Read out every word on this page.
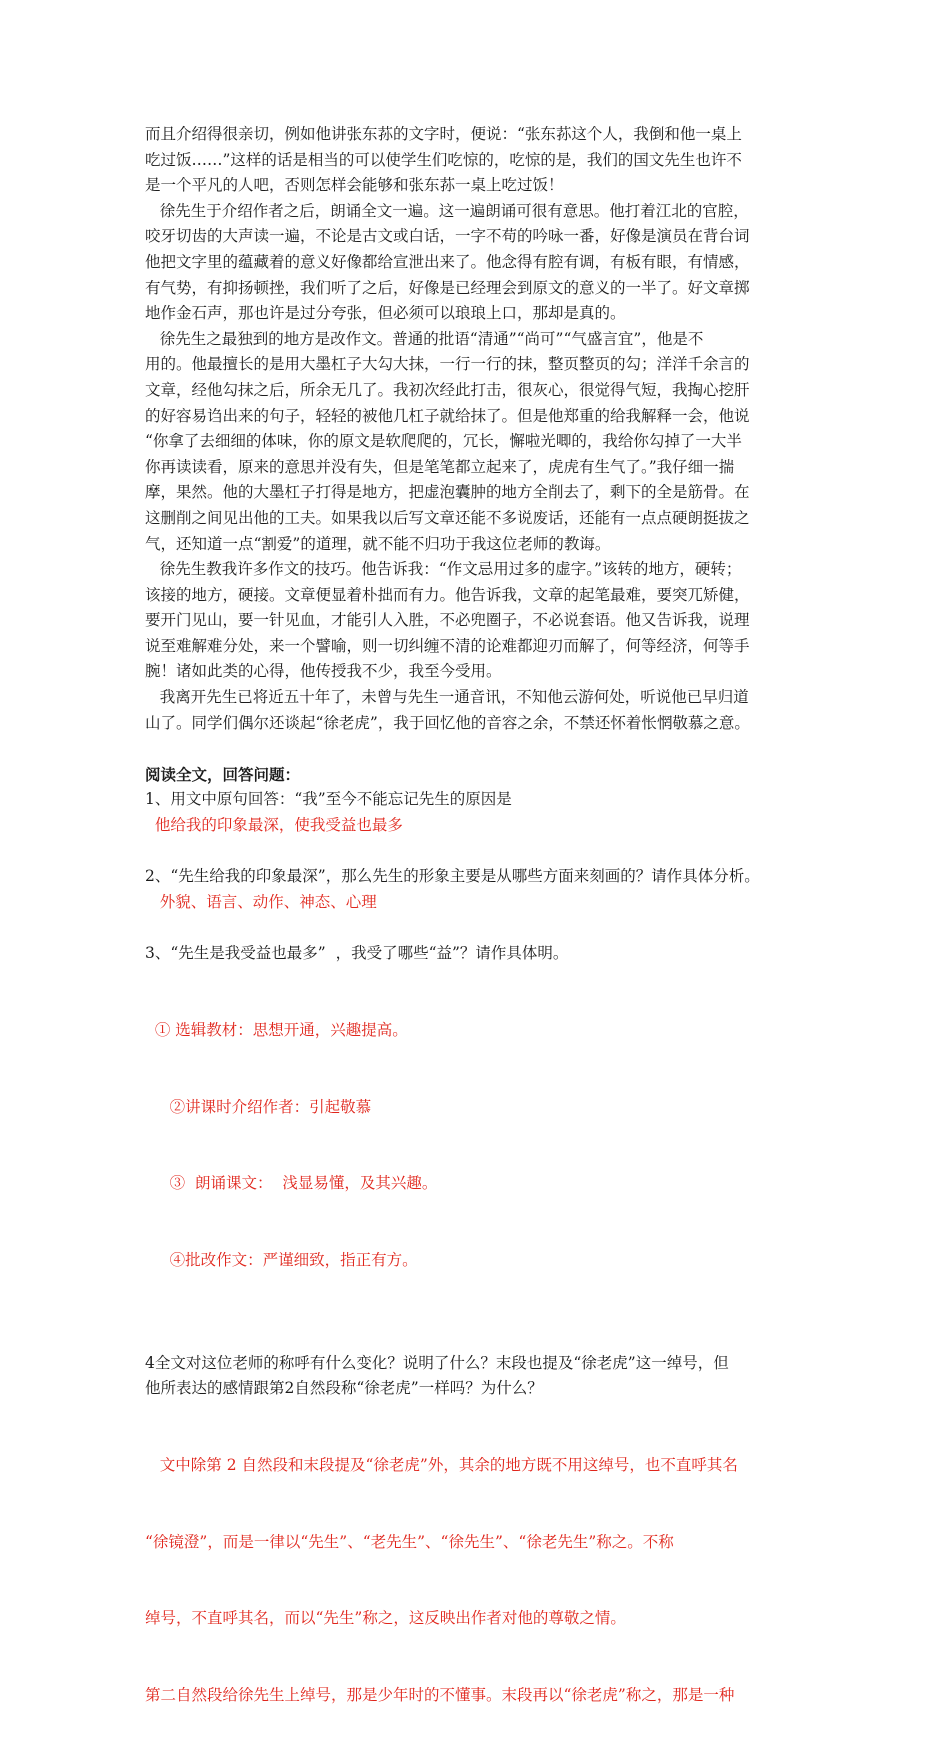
而且介绍得很亲切，例如他讲张东荪的文字时，便说：“张东荪这个人，我倒和他一桌上
吃过饭……”这样的话是相当的可以使学生们吃惊的，吃惊的是，我们的国文先生也许不
是一个平凡的人吧，否则怎样会能够和张东荪一桌上吃过饭！
徐先生于介绍作者之后，朗诵全文一遍。这一遍朗诵可很有意思。他打着江北的官腔，
咬牙切齿的大声读一遍，不论是古文或白话，一字不苟的吟咏一番，好像是演员在背台词
他把文字里的蕴藏着的意义好像都给宣泄出来了。他念得有腔有调，有板有眼，有情感，
有气势，有抑扬顿挫，我们听了之后，好像是已经理会到原文的意义的一半了。好文章掷
地作金石声，那也许是过分夸张，但必须可以琅琅上口，那却是真的。
徐先生之最独到的地方是改作文。普通的批语“清通”“尚可”“气盛言宜”，他是不
用的。他最擅长的是用大墨杠子大勾大抹，一行一行的抹，整页整页的勾；洋洋千余言的
文章，经他勾抹之后，所余无几了。我初次经此打击，很灰心，很觉得气短，我掏心挖肝
的好容易诌出来的句子，轻轻的被他几杠子就给抹了。但是他郑重的给我解释一会，他说
“你拿了去细细的体味，你的原文是软爬爬的，冗长，懈啦光唧的，我给你勾掉了一大半
你再读读看，原来的意思并没有失，但是笔笔都立起来了，虎虎有生气了。”我仔细一揣
摩，果然。他的大墨杠子打得是地方，把虚泡囊肿的地方全削去了，剩下的全是筋骨。在
这删削之间见出他的工夫。如果我以后写文章还能不多说废话，还能有一点点硬朗挺拔之
气，还知道一点“割爱”的道理，就不能不归功于我这位老师的教诲。
徐先生教我许多作文的技巧。他告诉我：“作文忌用过多的虚字。”该转的地方，硬转；
该接的地方，硬接。文章便显着朴拙而有力。他告诉我，文章的起笔最难，要突兀矫健，
要开门见山，要一针见血，才能引人入胜，不必兜圈子，不必说套语。他又告诉我，说理
说至难解难分处，来一个譬喻，则一切纠缠不清的论难都迎刃而解了，何等经济，何等手
腕！诸如此类的心得，他传授我不少，我至今受用。
我离开先生已将近五十年了，未曾与先生一通音讯，不知他云游何处，听说他已早归道
山了。同学们偶尔还谈起“徐老虎”，我于回忆他的音容之余，不禁还怀着怅惘敬慕之意。

阅读全文，回答问题：

1、用文中原句回答：“我”至今不能忘记先生的原因是

他给我的印象最深，使我受益也最多

2、“先生给我的印象最深”，那么先生的形象主要是从哪些方面来刻画的？请作具体分析。

外貌、语言、动作、神态、心理

3、“先生是我受益也最多”  ，我受了哪些“益”？请作具体明。

① 选辑教材：思想开通，兴趣提高。

②讲课时介绍作者：引起敬慕

③  朗诵课文：  浅显易懂，及其兴趣。

④批改作文：严谨细致，指正有方。

4全文对这位老师的称呼有什么变化？说明了什么？末段也提及“徐老虎”这一绰号，但
他所表达的感情跟第2自然段称“徐老虎”一样吗？为什么？

文中除第 2 自然段和末段提及“徐老虎”外，其余的地方既不用这绰号，也不直呼其名

“徐镜澄”，而是一律以“先生”、“老先生”、“徐先生”、“徐老先生”称之。不称

绰号，不直呼其名，而以“先生”称之，这反映出作者对他的尊敬之情。

第二自然段给徐先生上绰号，那是少年时的不懂事。末段再以“徐老虎”称之，那是一种
